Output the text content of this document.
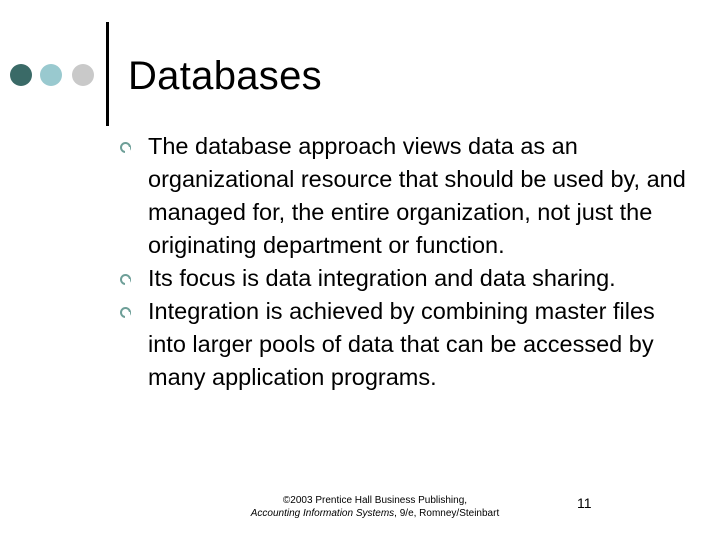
Databases
The database approach views data as an organizational resource that should be used by, and managed for, the entire organization, not just the originating department or function.
Its focus is data integration and data sharing.
Integration is achieved by combining master files into larger pools of data that can be accessed by many application programs.
©2003 Prentice Hall Business Publishing,
Accounting Information Systems, 9/e, Romney/Steinbart
11
